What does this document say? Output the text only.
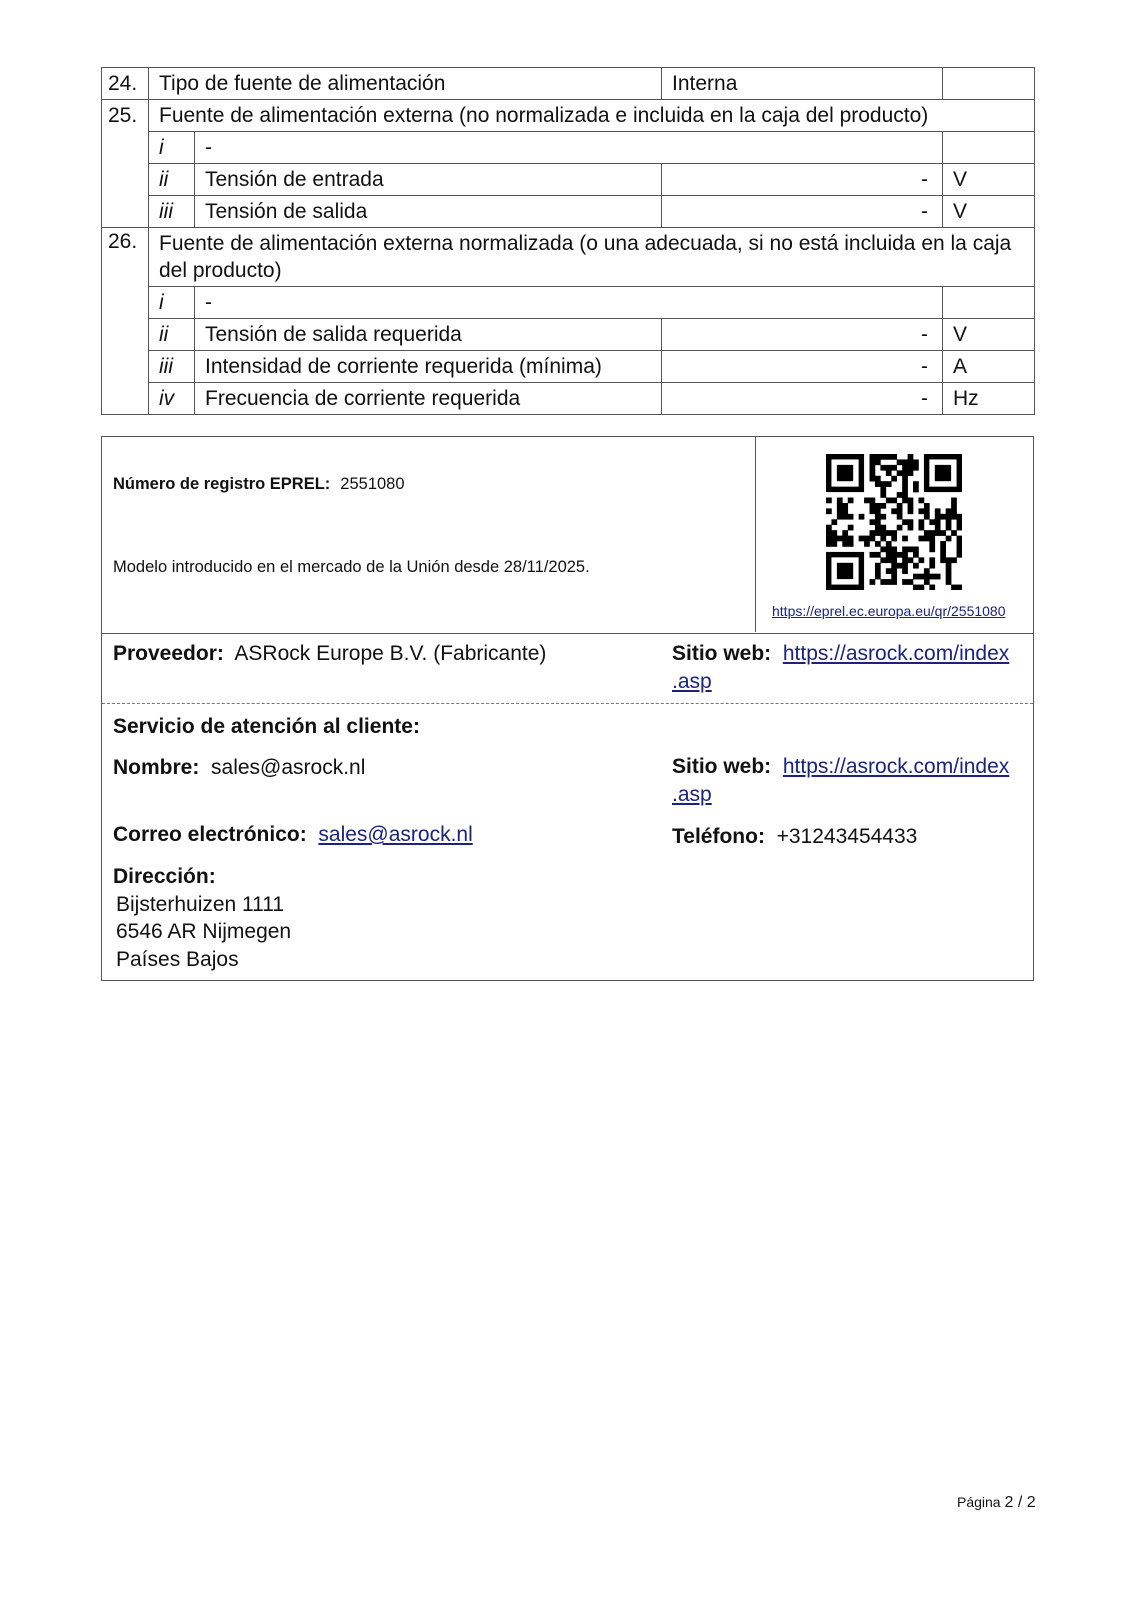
24.	Tipo de fuente de alimentación		Interna	
25.	Fuente de alimentación externa (no normalizada e incluida en la caja del producto)			
	i	-		
	ii	Tensión de entrada	-	V
	iii	Tensión de salida	-	V
26.	Fuente de alimentación externa normalizada (o una adecuada, si no está incluida en la caja del producto)			
	i	-		
	ii	Tensión de salida requerida	-	V
	iii	Intensidad de corriente requerida (mínima)	-	A
	iv	Frecuencia de corriente requerida	-	Hz
Número de registro EPREL: 2551080
Modelo introducido en el mercado de la Unión desde 28/11/2025.
https://eprel.ec.europa.eu/qr/2551080
Proveedor: ASRock Europe B.V. (Fabricante)	Sitio web: https://asrock.com/index
.asp
Servicio de atención al cliente:
Nombre: sales@asrock.nl	Sitio web: https://asrock.com/index
.asp
Correo electrónico: sales@asrock.nl	Teléfono: +31243454433
Dirección:
Bijsterhuizen 1111
6546 AR Nijmegen
Países Bajos
Página 2 / 2
